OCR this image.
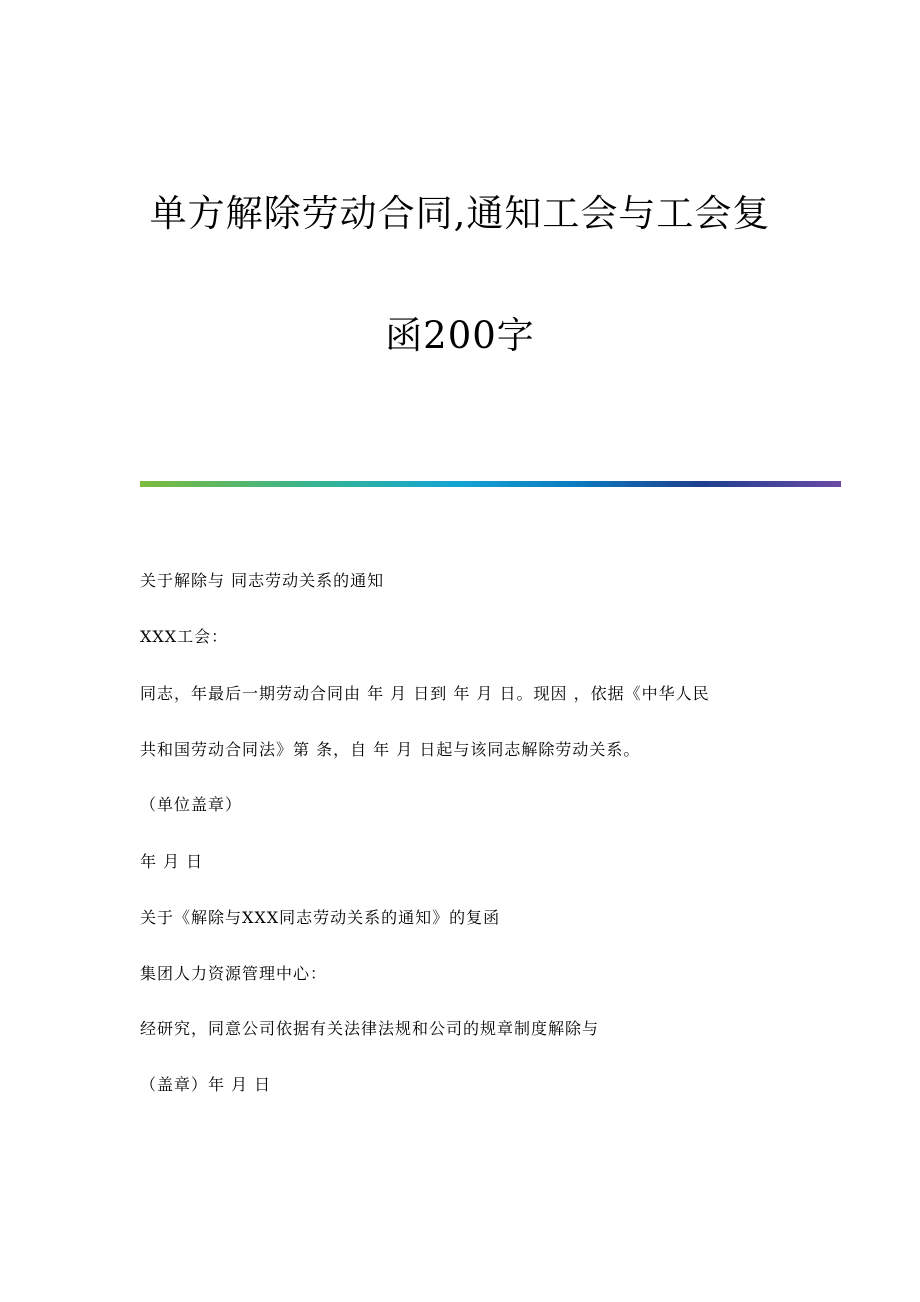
单方解除劳动合同,通知工会与工会复
函200字

关于解除与 同志劳动关系的通知

XXX工会：

同志，年最后一期劳动合同由 年 月 日到 年 月 日。现因 ，依据《中华人民

共和国劳动合同法》第 条，自 年 月 日起与该同志解除劳动关系。

（单位盖章）

年 月 日

关于《解除与XXX同志劳动关系的通知》的复函

集团人力资源管理中心：

经研究，同意公司依据有关法律法规和公司的规章制度解除与

（盖章）年 月 日
